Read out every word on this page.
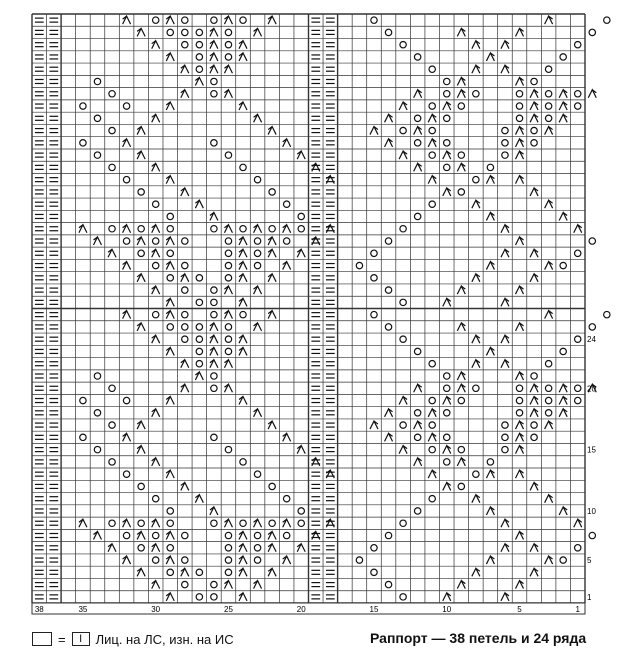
38	35	30	25	20	15	10	5	1
24
20
15
10
5
1
=	I	Лиц. на ЛС, изн. на ИС	Раппорт — 38 петель и 24 ряда
